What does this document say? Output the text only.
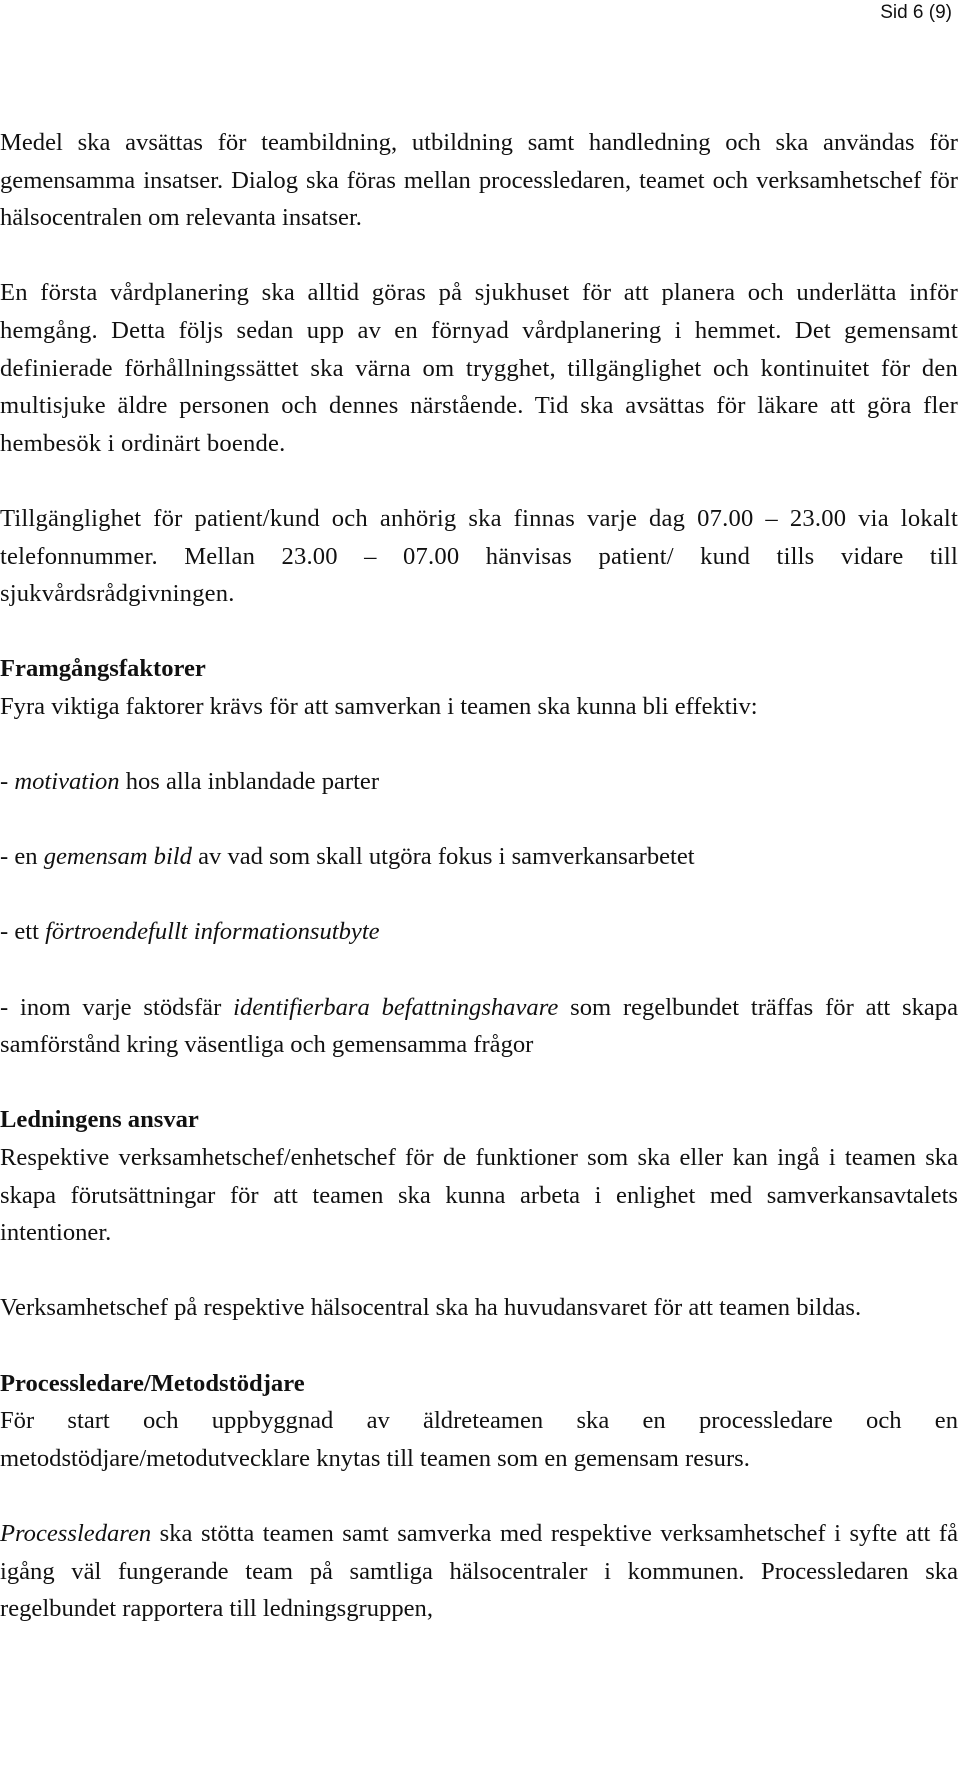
Sid 6 (9)

Medel ska avsättas för teambildning, utbildning samt handledning och ska användas för gemensamma insatser. Dialog ska föras mellan processledaren, teamet och verksamhetschef för hälsocentralen om relevanta insatser.

En första vårdplanering ska alltid göras på sjukhuset för att planera och underlätta inför hemgång. Detta följs sedan upp av en förnyad vårdplanering i hemmet. Det gemensamt definierade förhållningssättet ska värna om trygghet, tillgänglighet och kontinuitet för den multisjuke äldre personen och dennes närstående. Tid ska avsättas för läkare att göra fler hembesök i ordinärt boende.

Tillgänglighet för patient/kund och anhörig ska finnas varje dag 07.00 – 23.00 via lokalt telefonnummer. Mellan 23.00 – 07.00 hänvisas patient/ kund tills vidare till sjukvårdsrådgivningen.

Framgångsfaktorer

Fyra viktiga faktorer krävs för att samverkan i teamen ska kunna bli effektiv:

- motivation hos alla inblandade parter

- en gemensam bild av vad som skall utgöra fokus i samverkansarbetet

- ett förtroendefullt informationsutbyte

- inom varje stödsfär identifierbara befattningshavare som regelbundet träffas för att skapa samförstånd kring väsentliga och gemensamma frågor

Ledningens ansvar

Respektive verksamhetschef/enhetschef för de funktioner som ska eller kan ingå i teamen ska skapa förutsättningar för att teamen ska kunna arbeta i enlighet med samverkansavtalets intentioner.

Verksamhetschef på respektive hälsocentral ska ha huvudansvaret för att teamen bildas.

Processledare/Metodstödjare

För start och uppbyggnad av äldreteamen ska en processledare och en metodstödjare/metodutvecklare knytas till teamen som en gemensam resurs.

Processledaren ska stötta teamen samt samverka med respektive verksamhetschef i syfte att få igång väl fungerande team på samtliga hälsocentraler i kommunen. Processledaren ska regelbundet rapportera till ledningsgruppen,
